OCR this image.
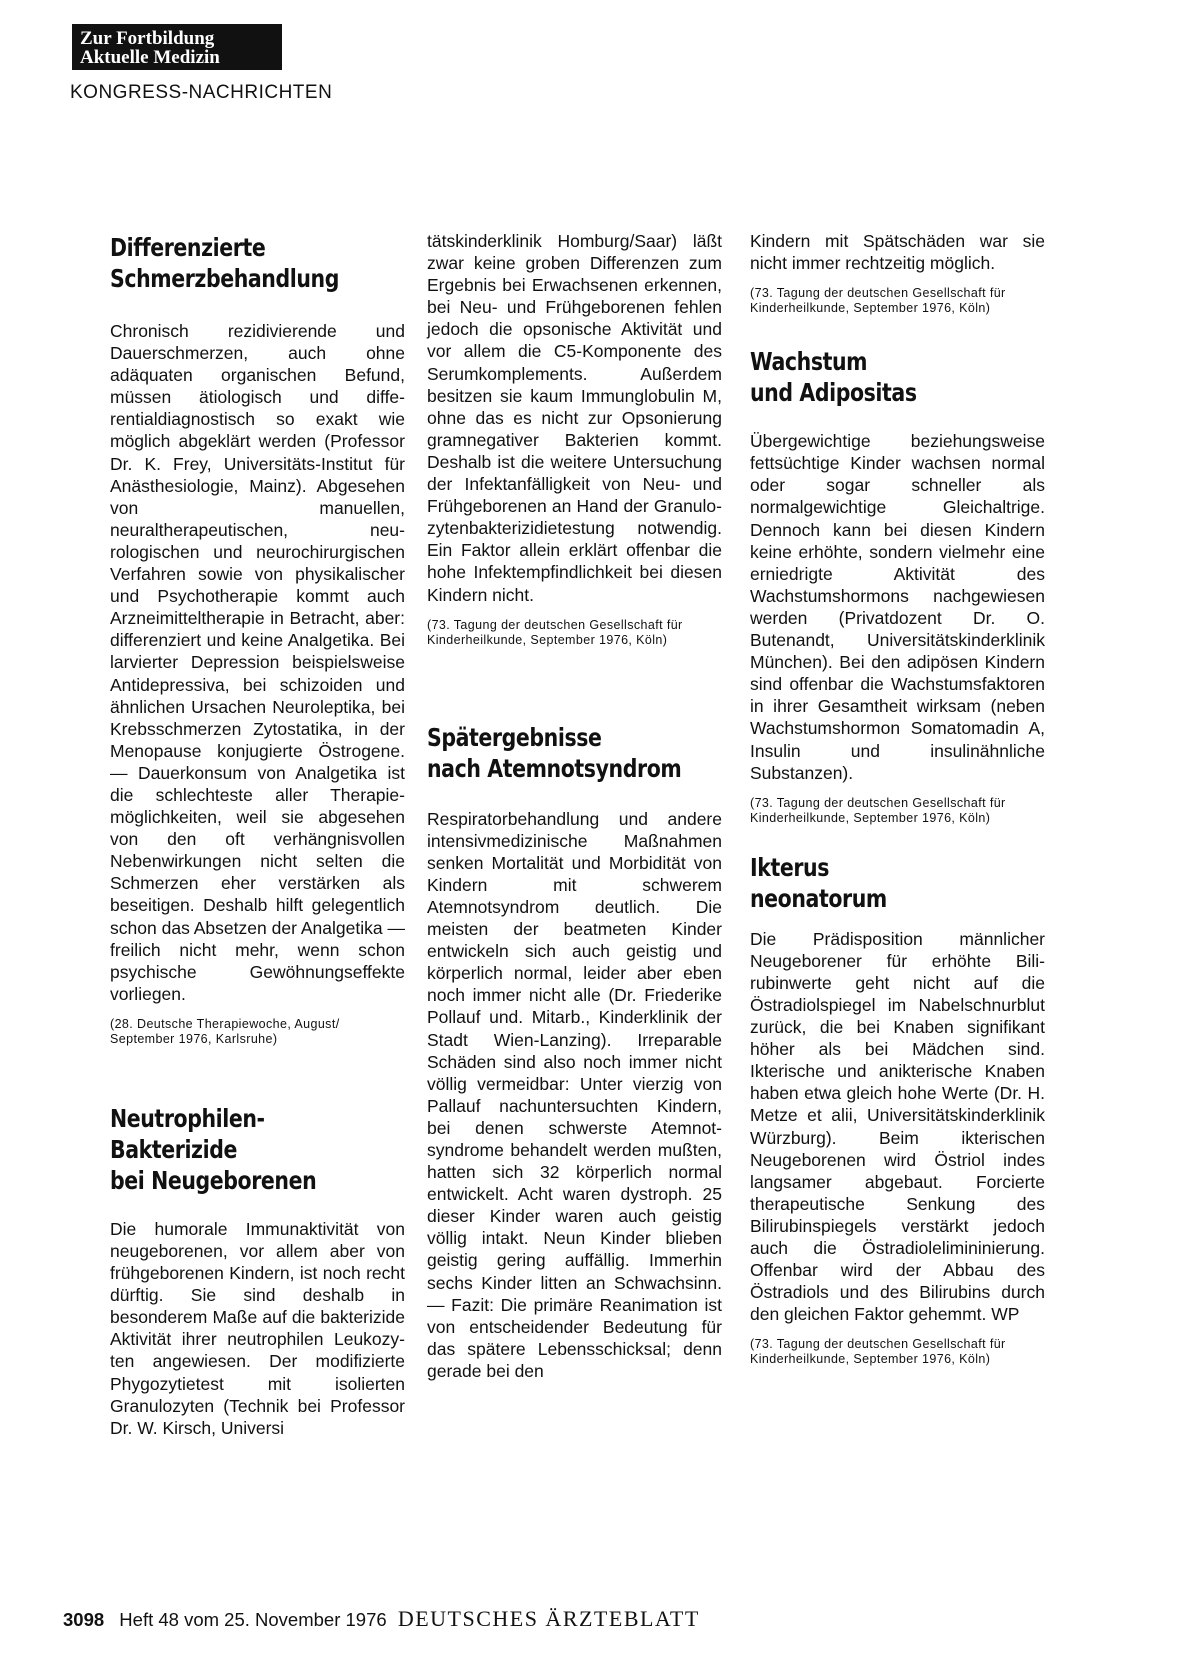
Zur Fortbildung
Aktuelle Medizin
KONGRESS-NACHRICHTEN
Differenzierte
Schmerzbehandlung

Chronisch rezidivierende und Dauerschmerzen, auch ohne adäquaten organischen Befund, müssen ätiologisch und differentialdiagnostisch so exakt wie möglich abgeklärt werden (Professor Dr. K. Frey, Universitäts-Institut für Anästhesiologie, Mainz). Abgesehen von manuellen, neuraltherapeutischen, neurologischen und neurochirurgischen Verfahren sowie von physikalischer und Psychotherapie kommt auch Arzneimitteltherapie in Betracht, aber: differenziert und keine Analgetika. Bei larvierter Depression beispielsweise Antidepressiva, bei schizoiden und ähnlichen Ursachen Neuroleptika, bei Krebsschmerzen Zytostatika, in der Menopause konjugierte Östrogene. — Dauerkonsum von Analgetika ist die schlechteste aller Therapiemöglichkeiten, weil sie abgesehen von den oft verhängnisvollen Nebenwirkungen nicht selten die Schmerzen eher verstärken als beseitigen. Deshalb hilft gelegentlich schon das Absetzen der Analgetika — freilich nicht mehr, wenn schon psychische Gewöhnungseffekte vorliegen.

(28. Deutsche Therapiewoche, August/ September 1976, Karlsruhe)

Neutrophilen-
Bakterizide
bei Neugeborenen

Die humorale Immunaktivität von neugeborenen, vor allem aber von frühgeborenen Kindern, ist noch recht dürftig. Sie sind deshalb in besonderem Maße auf die bakterizide Aktivität ihrer neutrophilen Leukozyten angewiesen. Der modifizierte Phygozytietest mit isolierten Granulozyten (Technik bei Professor Dr. W. Kirsch, Universi

tätskinderklinik Homburg/Saar) läßt zwar keine groben Differenzen zum Ergebnis bei Erwachsenen erkennen, bei Neu- und Frühgeborenen fehlen jedoch die opsonische Aktivität und vor allem die C5-Komponente des Serumkomplements. Außerdem besitzen sie kaum Immunglobulin M, ohne das es nicht zur Opsonierung gramnegativer Bakterien kommt. Deshalb ist die weitere Untersuchung der Infektanfälligkeit von Neu- und Frühgeborenen an Hand der Granulozytenbakterizidietestung notwendig. Ein Faktor allein erklärt offenbar die hohe Infektempfindlichkeit bei diesen Kindern nicht.

(73. Tagung der deutschen Gesellschaft für Kinderheilkunde, September 1976, Köln)

Spätergebnisse
nach Atemnotsyndrom

Respiratorbehandlung und andere intensivmedizinische Maßnahmen senken Mortalität und Morbidität von Kindern mit schwerem Atemnotsyndrom deutlich. Die meisten der beatmeten Kinder entwickeln sich auch geistig und körperlich normal, leider aber eben noch immer nicht alle (Dr. Friederike Pollauf und. Mitarb., Kinderklinik der Stadt Wien-Lanzing). Irreparable Schäden sind also noch immer nicht völlig vermeidbar: Unter vierzig von Pallauf nachuntersuchten Kindern, bei denen schwerste Atemnotsyndrome behandelt werden mußten, hatten sich 32 körperlich normal entwickelt. Acht waren dystroph. 25 dieser Kinder waren auch geistig völlig intakt. Neun Kinder blieben geistig gering auffällig. Immerhin sechs Kinder litten an Schwachsinn. — Fazit: Die primäre Reanimation ist von entscheidender Bedeutung für das spätere Lebensschicksal; denn gerade bei den

Kindern mit Spätschäden war sie nicht immer rechtzeitig möglich.

(73. Tagung der deutschen Gesellschaft für Kinderheilkunde, September 1976, Köln)

Wachstum
und Adipositas

Übergewichtige beziehungsweise fettsüchtige Kinder wachsen normal oder sogar schneller als normalgewichtige Gleichaltrige. Dennoch kann bei diesen Kindern keine erhöhte, sondern vielmehr eine erniedrigte Aktivität des Wachstumshormons nachgewiesen werden (Privatdozent Dr. O. Butenandt, Universitätskinderklinik München). Bei den adipösen Kindern sind offenbar die Wachstumsfaktoren in ihrer Gesamtheit wirksam (neben Wachstumshormon Somatomadin A, Insulin und insulinähnliche Substanzen).

(73. Tagung der deutschen Gesellschaft für Kinderheilkunde, September 1976, Köln)

Ikterus
neonatorum

Die Prädisposition männlicher Neugeborener für erhöhte Bilirubinwerte geht nicht auf die Östradiolspiegel im Nabelschnurblut zurück, die bei Knaben signifikant höher als bei Mädchen sind. Ikterische und anikterische Knaben haben etwa gleich hohe Werte (Dr. H. Metze et alii, Universitätskinderklinik Würzburg). Beim ikterischen Neugeborenen wird Östriol indes langsamer abgebaut. Forcierte therapeutische Senkung des Bilirubinspiegels verstärkt jedoch auch die Östradiolelimininierung. Offenbar wird der Abbau des Östradiols und des Bilirubins durch den gleichen Faktor gehemmt. WP

(73. Tagung der deutschen Gesellschaft für Kinderheilkunde, September 1976, Köln)

3098 Heft 48 vom 25. November 1976 DEUTSCHES ÄRZTEBLATT
